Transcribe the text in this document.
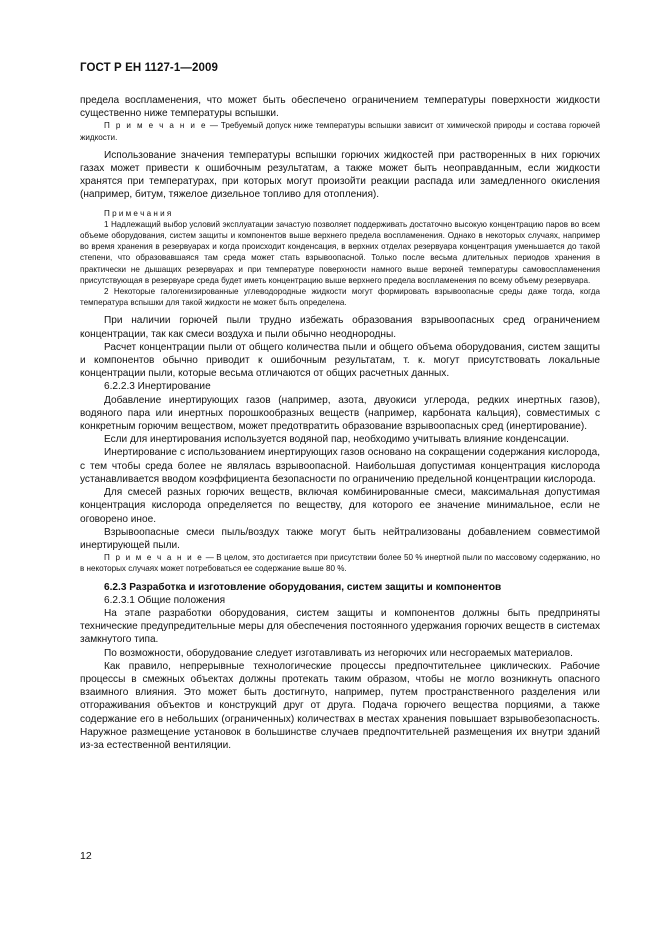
ГОСТ Р ЕН 1127-1—2009

предела воспламенения, что может быть обеспечено ограничением температуры поверхности жидкости существенно ниже температуры вспышки.

П р и м е ч а н и е — Требуемый допуск ниже температуры вспышки зависит от химической природы и состава горючей жидкости.

Использование значения температуры вспышки горючих жидкостей при растворенных в них горючих газах может привести к ошибочным результатам, а также может быть неоправданным, если жидкости хранятся при температурах, при которых могут произойти реакции распада или замедленного окисления (например, битум, тяжелое дизельное топливо для отопления).

П р и м е ч а н и я

1 Надлежащий выбор условий эксплуатации зачастую позволяет поддерживать достаточно высокую концентрацию паров во всем объеме оборудования, систем защиты и компонентов выше верхнего предела воспламенения. Однако в некоторых случаях, например во время хранения в резервуарах и когда происходит конденсация, в верхних отделах резервуара концентрация уменьшается до такой степени, что образовавшаяся там среда может стать взрывоопасной. Только после весьма длительных периодов хранения в практически не дышащих резервуарах и при температуре поверхности намного выше верхней температуры самовоспламенения присутствующая в резервуаре среда будет иметь концентрацию выше верхнего предела воспламенения по всему объему резервуара.

2 Некоторые галогенизированные углеводородные жидкости могут формировать взрывоопасные среды даже тогда, когда температура вспышки для такой жидкости не может быть определена.

При наличии горючей пыли трудно избежать образования взрывоопасных сред ограничением концентрации, так как смеси воздуха и пыли обычно неоднородны.

Расчет концентрации пыли от общего количества пыли и общего объема оборудования, систем защиты и компонентов обычно приводит к ошибочным результатам, т. к. могут присутствовать локальные концентрации пыли, которые весьма отличаются от общих расчетных данных.

6.2.2.3 Инертирование

Добавление инертирующих газов (например, азота, двуокиси углерода, редких инертных газов), водяного пара или инертных порошкообразных веществ (например, карбоната кальция), совместимых с конкретным горючим веществом, может предотвратить образование взрывоопасных сред (инертирование).

Если для инертирования используется водяной пар, необходимо учитывать влияние конденсации.

Инертирование с использованием инертирующих газов основано на сокращении содержания кислорода, с тем чтобы среда более не являлась взрывоопасной. Наибольшая допустимая концентрация кислорода устанавливается вводом коэффициента безопасности по ограничению предельной концентрации кислорода.

Для смесей разных горючих веществ, включая комбинированные смеси, максимальная допустимая концентрация кислорода определяется по веществу, для которого ее значение минимальное, если не оговорено иное.

Взрывоопасные смеси пыль/воздух также могут быть нейтрализованы добавлением совместимой инертирующей пыли.

П р и м е ч а н и е — В целом, это достигается при присутствии более 50 % инертной пыли по массовому содержанию, но в некоторых случаях может потребоваться ее содержание выше 80 %.

6.2.3 Разработка и изготовление оборудования, систем защиты и компонентов

6.2.3.1 Общие положения

На этапе разработки оборудования, систем защиты и компонентов должны быть предприняты технические предупредительные меры для обеспечения постоянного удержания горючих веществ в системах замкнутого типа.

По возможности, оборудование следует изготавливать из негорючих или несгораемых материалов.

Как правило, непрерывные технологические процессы предпочтительнее циклических. Рабочие процессы в смежных объектах должны протекать таким образом, чтобы не могло возникнуть опасного взаимного влияния. Это может быть достигнуто, например, путем пространственного разделения или отгораживания объектов и конструкций друг от друга. Подача горючего вещества порциями, а также содержание его в небольших (ограниченных) количествах в местах хранения повышает взрывобезопасность. Наружное размещение установок в большинстве случаев предпочтительней размещения их внутри зданий из-за естественной вентиляции.

12
